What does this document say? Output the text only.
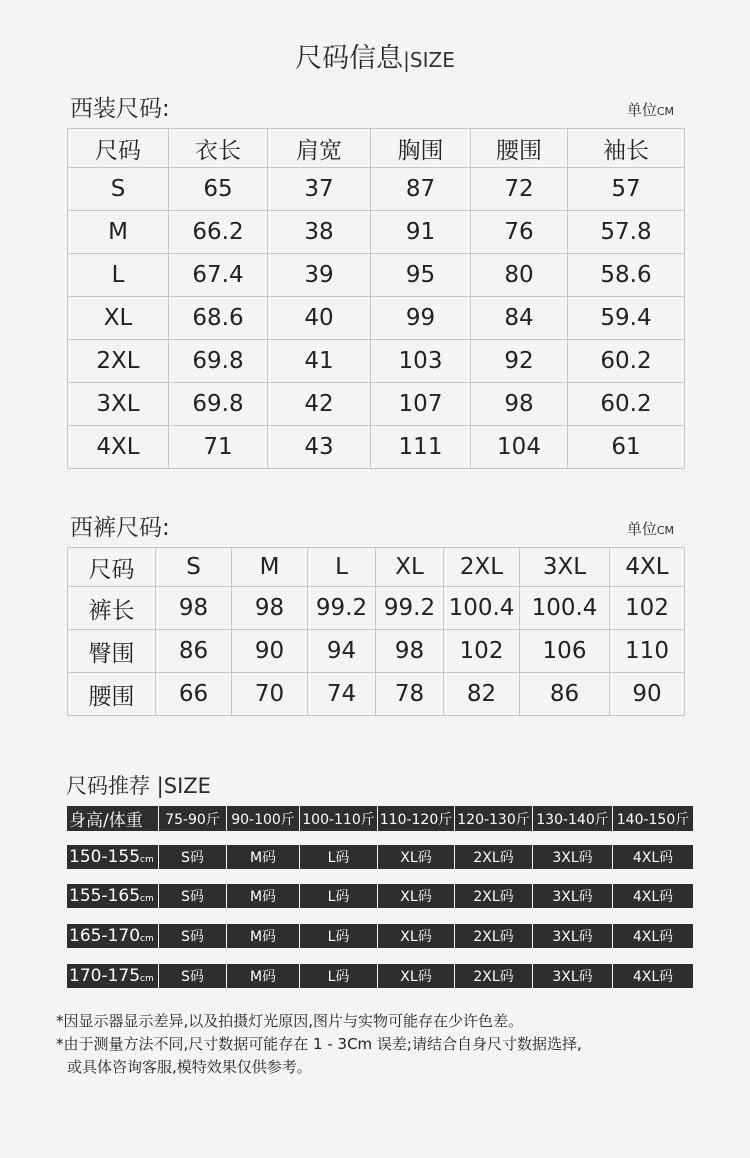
尺码信息|SIZE
西装尺码:	单位CM
尺码	衣长	肩宽	胸围	腰围	袖长
S	65	37	87	72	57
M	66.2	38	91	76	57.8
L	67.4	39	95	80	58.6
XL	68.6	40	99	84	59.4
2XL	69.8	41	103	92	60.2
3XL	69.8	42	107	98	60.2
4XL	71	43	111	104	61
西裤尺码:	单位CM
尺码	S	M	L	XL	2XL	3XL	4XL
裤长	98	98	99.2	99.2	100.4	100.4	102
臀围	86	90	94	98	102	106	110
腰围	66	70	74	78	82	86	90
尺码推荐 |SIZE
身高/体重	75-90斤	90-100斤	100-110斤	110-120斤	120-130斤	130-140斤	140-150斤
150-155cm	S码	M码	L码	XL码	2XL码	3XL码	4XL码
155-165cm	S码	M码	L码	XL码	2XL码	3XL码	4XL码
165-170cm	S码	M码	L码	XL码	2XL码	3XL码	4XL码
170-175cm	S码	M码	L码	XL码	2XL码	3XL码	4XL码

*因显示器显示差异,以及拍摄灯光原因,图片与实物可能存在少许色差。

*由于测量方法不同,尺寸数据可能存在 1 - 3Cm 误差;请结合自身尺寸数据选择,

或具体咨询客服,模特效果仅供参考。
